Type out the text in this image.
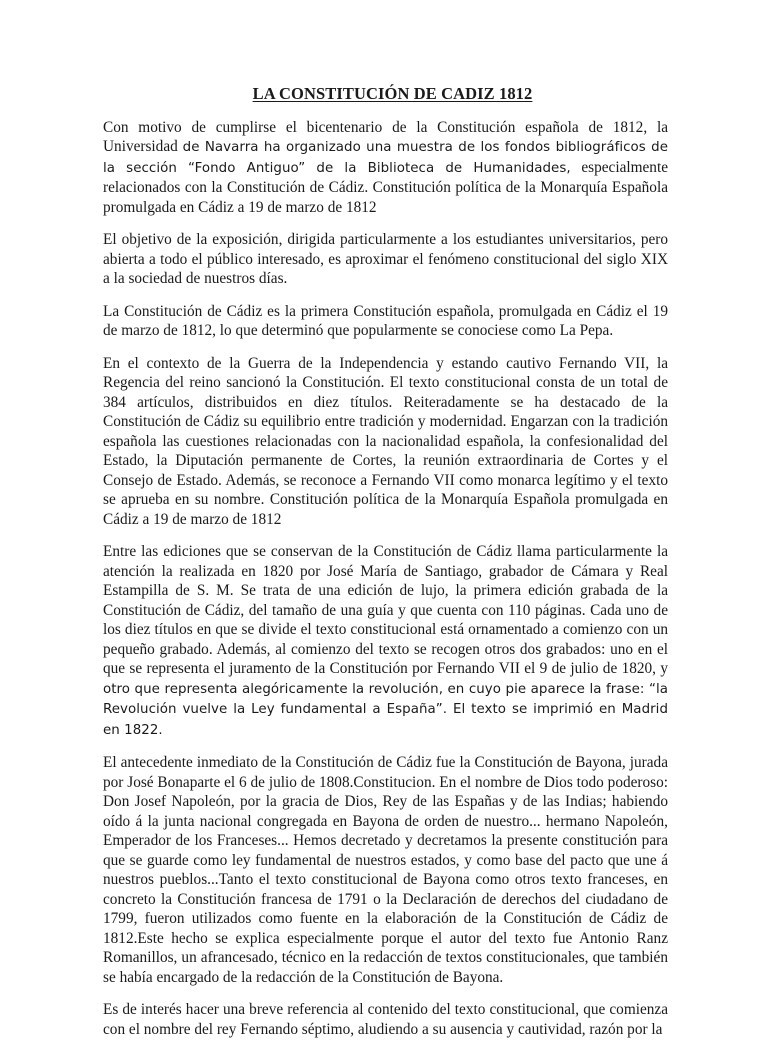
LA CONSTITUCIÓN DE CADIZ 1812

Con motivo de cumplirse el bicentenario de la Constitución española de 1812, la Universidad de Navarra ha organizado una muestra de los fondos bibliográficos de la sección “Fondo Antiguo” de la Biblioteca de Humanidades, especialmente relacionados con la Constitución de Cádiz. Constitución política de la Monarquía Española promulgada en Cádiz a 19 de marzo de 1812

El objetivo de la exposición, dirigida particularmente a los estudiantes universitarios, pero abierta a todo el público interesado, es aproximar el fenómeno constitucional del siglo XIX a la sociedad de nuestros días.

La Constitución de Cádiz es la primera Constitución española, promulgada en Cádiz el 19 de marzo de 1812, lo que determinó que popularmente se conociese como La Pepa.

En el contexto de la Guerra de la Independencia y estando cautivo Fernando VII, la Regencia del reino sancionó la Constitución. El texto constitucional consta de un total de 384 artículos, distribuidos en diez títulos. Reiteradamente se ha destacado de la Constitución de Cádiz su equilibrio entre tradición y modernidad. Engarzan con la tradición española las cuestiones relacionadas con la nacionalidad española, la confesionalidad del Estado, la Diputación permanente de Cortes, la reunión extraordinaria de Cortes y el Consejo de Estado. Además, se reconoce a Fernando VII como monarca legítimo y el texto se aprueba en su nombre. Constitución política de la Monarquía Española promulgada en Cádiz a 19 de marzo de 1812

Entre las ediciones que se conservan de la Constitución de Cádiz llama particularmente la atención la realizada en 1820 por José María de Santiago, grabador de Cámara y Real Estampilla de S. M. Se trata de una edición de lujo, la primera edición grabada de la Constitución de Cádiz, del tamaño de una guía y que cuenta con 110 páginas. Cada uno de los diez títulos en que se divide el texto constitucional está ornamentado a comienzo con un pequeño grabado. Además, al comienzo del texto se recogen otros dos grabados: uno en el que se representa el juramento de la Constitución por Fernando VII el 9 de julio de 1820, y otro que representa alegóricamente la revolución, en cuyo pie aparece la frase: “la Revolución vuelve la Ley fundamental a España”. El texto se imprimió en Madrid en 1822.

El antecedente inmediato de la Constitución de Cádiz fue la Constitución de Bayona, jurada por José Bonaparte el 6 de julio de 1808.Constitucion. En el nombre de Dios todo poderoso: Don Josef Napoleón, por la gracia de Dios, Rey de las Españas y de las Indias; habiendo oído á la junta nacional congregada en Bayona de orden de nuestro... hermano Napoleón, Emperador de los Franceses... Hemos decretado y decretamos la presente constitución para que se guarde como ley fundamental de nuestros estados, y como base del pacto que une á nuestros pueblos...Tanto el texto constitucional de Bayona como otros texto franceses, en concreto la Constitución francesa de 1791 o la Declaración de derechos del ciudadano de 1799, fueron utilizados como fuente en la elaboración de la Constitución de Cádiz de 1812.Este hecho se explica especialmente porque el autor del texto fue Antonio Ranz Romanillos, un afrancesado, técnico en la redacción de textos constitucionales, que también se había encargado de la redacción de la Constitución de Bayona.

Es de interés hacer una breve referencia al contenido del texto constitucional, que comienza con el nombre del rey Fernando séptimo, aludiendo a su ausencia y cautividad, razón por la
